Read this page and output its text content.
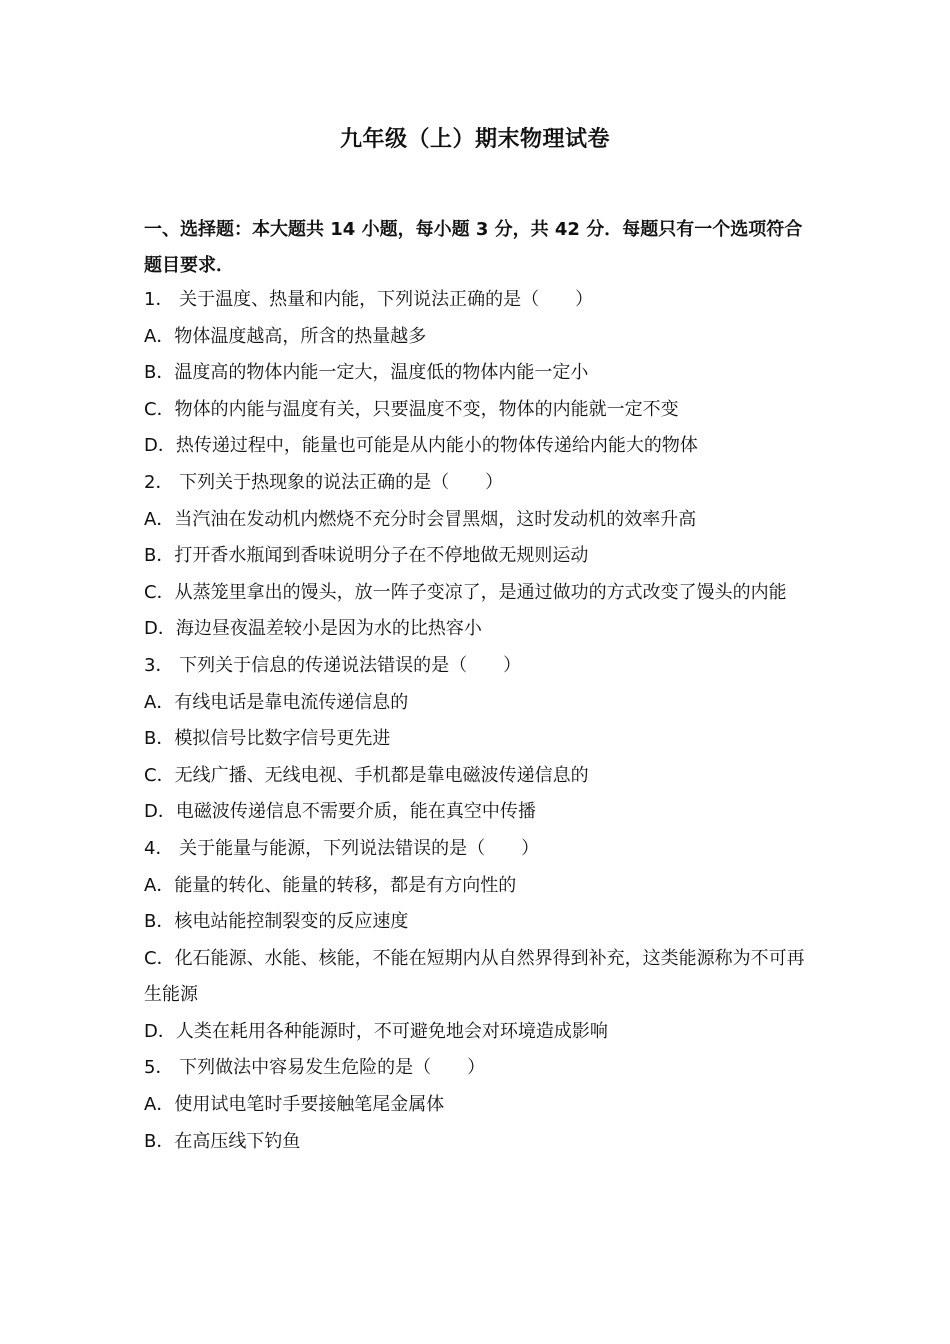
九年级（上）期末物理试卷
一、选择题：本大题共 14 小题，每小题 3 分，共 42 分．每题只有一个选项符合题目要求．
1． 关于温度、热量和内能，下列说法正确的是（　　）
A．物体温度越高，所含的热量越多
B．温度高的物体内能一定大，温度低的物体内能一定小
C．物体的内能与温度有关，只要温度不变，物体的内能就一定不变
D．热传递过程中，能量也可能是从内能小的物体传递给内能大的物体
2． 下列关于热现象的说法正确的是（　　）
A．当汽油在发动机内燃烧不充分时会冒黑烟，这时发动机的效率升高
B．打开香水瓶闻到香味说明分子在不停地做无规则运动
C．从蒸笼里拿出的馒头，放一阵子变凉了，是通过做功的方式改变了馒头的内能
D．海边昼夜温差较小是因为水的比热容小
3． 下列关于信息的传递说法错误的是（　　）
A．有线电话是靠电流传递信息的
B．模拟信号比数字信号更先进
C．无线广播、无线电视、手机都是靠电磁波传递信息的
D．电磁波传递信息不需要介质，能在真空中传播
4． 关于能量与能源，下列说法错误的是（　　）
A．能量的转化、能量的转移，都是有方向性的
B．核电站能控制裂变的反应速度
C．化石能源、水能、核能，不能在短期内从自然界得到补充，这类能源称为不可再生能源
D．人类在耗用各种能源时，不可避免地会对环境造成影响
5． 下列做法中容易发生危险的是（　　）
A．使用试电笔时手要接触笔尾金属体
B．在高压线下钓鱼
